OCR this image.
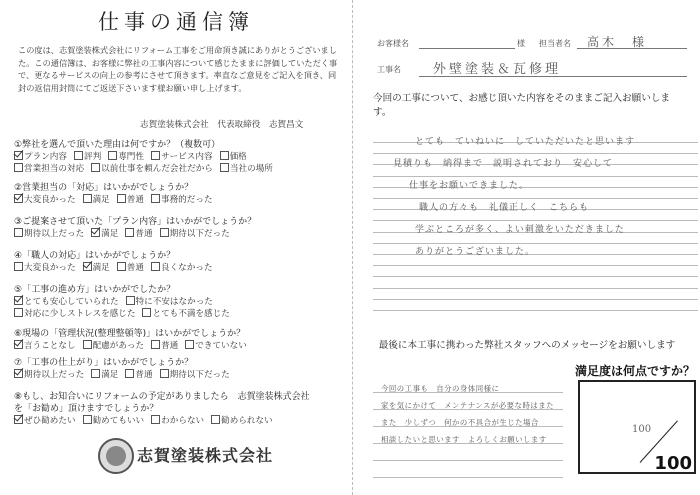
仕事の通信簿
この度は、志賀塗装株式会社にリフォーム工事をご用命頂き誠にありがとうございました。この通信簿は、お客様に弊社の工事内容について感じたままに評価していただく事で、更なるサービスの向上の参考にさせて頂きます。率直なご意見をご記入を頂き、同封の返信用封筒にてご返送下さいます様お願い申し上げます。
志賀塗装株式会社　代表取締役　志賀昌文
①弊社を選んで頂いた理由は何ですか？（複数可）
プラン内容 評判 専門性 サービス内容 価格
営業担当の対応 以前仕事を頼んだ会社だから 当社の場所
②営業担当の「対応」はいかがでしょうか？
大変良かった 満足 普通 事務的だった
③ご提案させて頂いた「プラン内容」はいかがでしょうか？
期待以上だった 満足 普通 期待以下だった
④「職人の対応」はいかがでしょうか？
大変良かった 満足 普通 良くなかった
⑤「工事の進め方」はいかがでしたか？
とても安心していられた 特に不安はなかった
対応に少しストレスを感じた とても不満を感じた
⑥現場の「管理状況(整理整頓等)」はいかがでしょうか？
言うことなし 配慮があった 普通 できていない
⑦「工事の仕上がり」はいかがでしょうか？
期待以上だった 満足 普通 期待以下だった
⑧もし、お知合いにリフォームの予定がありましたら　志賀塗装株式会社を「お勧め」頂けますでしょうか？
ぜひ勧めたい 勧めてもいい わからない 勧められない
志賀塗装株式会社
お客様名	様 担当者名 高木　様
工事名 外壁塗装＆瓦修理
今回の工事について、お感じ頂いた内容をそのままご記入お願いします。
とても　ていねいに　していただいたと思います
見積りも　納得まで　説明されており　安心して
仕事をお願いできました。
職人の方々も　礼儀正しく　こちらも
学ぶところが多く、よい刺激をいただきました
ありがとうございました。
最後に本工事に携わった弊社スタッフへのメッセージをお願いします
今回の工事も　自分の身体同様に
家を気にかけて　メンテナンスが必要な時はまた
また　少しずつ　何かの不具合が生じた場合
相談したいと思います　よろしくお願いします
満足度は何点ですか？
100
100
